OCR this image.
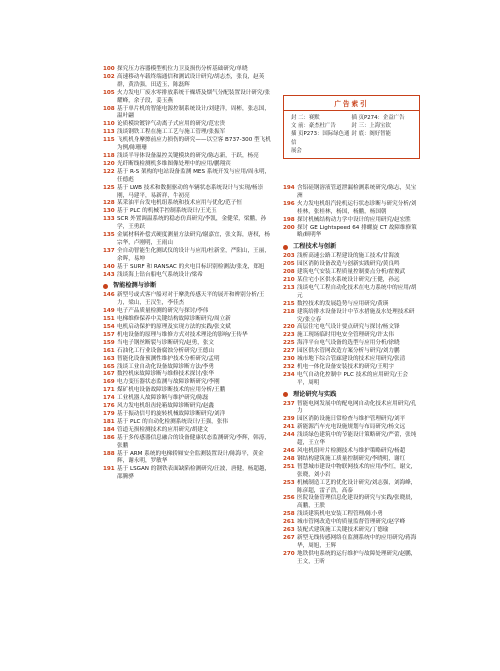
100 探究压力容器模型机位力卫及损伤分析基础研究/单晓
102 高速移动车载终端通信和测试设计研究/胡志杰，张良，赵英群，黄浩强，田适玉，陈磊辉
105 火力发电厂废水零排放系统干燥塔及烟气分配装置设计研究/张耀峰，余子段，姜玉燕
108 基于单片机的智能电源控制系统设计/刘建洋，周彬，张志国，温叶翩
110 论质模块镀锌气动离子式应用的研究/范宏贵
113 浅谈钢铁工程在施工工艺与施工管理/张振军
115 飞机机身摩擦前应力损伤的研究——以空客 B737-300 型飞机为例/陈珊珊
118 浅谈半导体设备温控关键模块的研究/陈志新，于跃，杨亮
120 光纤断线检测机多维图像处理中的应用/鹏翔宾
122 基于 R-S 架构的电站设备监测 MES 系统开发与应用/周永明，任德彪
125 基于 LWB 技术和数据驱动的车辆状态系统设计与实现/杨崇刚，马建平，易新祥，牛初亮
128 某采油平台发电机组系统和技术应用与优化/范子恒
130 基于 PLC 的机械手控制系统设计/王光玉
133 SCR 外置调温系统的稳态仿真研究/李凯，金健荣，梁鹏，孙学，王勇跃
135 金属材料补偿式硬度测量方法研究/谢嘉宜，张文海，唐权，杨宗华，卢刚明，王雨山
137 全自动智能生化测试仪的设计与应用/杜新堂，严阳山，王丽，余晖，易坤
140 基于 SURF 和 RANSAC 的火电目标识别检测法/张龙，郑旭
143 浅谈海上钻台船电气系统设计/梁希
智能检测与诊断
146 新型号或式客户船对对于摩洗传感天平的展开和辨别分析/王力，梁山，王汉生，李佳杰
149 电子产品质量检测的研究与探讨/李伟
151 电梯维修保养中关键结构故障诊断研究/周立新
154 电机启动保护的原理及实现方法的实践/张文斌
157 机电设备的原理与维修方式对技术理论的影响/王传华
159 当电子钢丝断裂与诊断研究/赵勇，张文
161 石油化工行业设备腐蚀分析研究/王德山
163 智能化设备预测性维护技术分析研究/孟明
165 浅谈工业自动化设备故障诊断方法/李勇
167 数控机床故障诊断与维修技术探讨/张华
169 电力变压器状态监测与故障诊断研究/李刚
171 煤矿机电设备故障诊断技术的应用分析/王鹏
174 工业机器人故障诊断与维护研究/陈磊
176 风力发电机组齿轮箱故障诊断研究/赵鑫
179 基于振动信号的旋转机械故障诊断研究/刘洋
181 基于 PLC 的自动化检测系统设计/王强，张伟
184 管道无损检测技术的应用研究/胡建文
186 基于多传感器信息融合的设备健康状态监测研究/李辉，韩涛，张鹏
188 基于 ARM 系统的电梯轿厢安全监测装置设计/陈海平，黄金辉，谢永明，罗敏华
191 基于 LSGAN 的钢铁表面缺陷检测研究/汪波，唐健，杨超越，邵腾骅
广告索引
封 二：赛默	插 页P274：企益广告
文 前：豪杰杜广告	封 三：上海宝钦
插 页P273：国际绿色通信
封 底：阁好智能
展会
194 含铝硅钢溶液管道泄漏检测系统研究/陈志，吴宝洲
196 火力发电机组汽轮机运行状态诊断与研究分析/刘桂林，张桂林，杨国，杨鹏，杨国朝
198 探讨机械结构动力学中设计的应用研究/赵宏胜
200 探讨 GE Lightspeed 64 排螺旋 CT 故障维修策略/顾明华
工程技术与创新
203 浅析高速公路工程建设的施工技术/甘海波
205 园区消防设备改造与创新实践研究/黄良鸣
208 建筑电气安装工程质量控制要点分析/翟俊武
210 某住宅小区供水系统设计研究/王健，孙远
213 浅谈电气工程自动化技术在电力系统中的应用/胡元
215 数控技术的发展趋势与应用研究/黄瑛
218 建筑给排水设备设计中节水措施及水处理技术研究/张立春
220 高层住宅电气设计要点研究与探讨/杨文锋
223 施工现场临时用电安全管理研究/许太伟
225 海洋平台电气设备的选型与应用分析/徐晓
227 园区供水管网改造方案分析与研究/刘力鹏
230 城市地下综合管廊建设的技术应用研究/张清
232 机电一体化设备安装技术的研究/王明宇
234 电气自动化控制中 PLC 技术的应用研究/王会平，周明
理论研究与实践
237 智能电网发展中的配电网自动化技术应用研究/孔力
239 园区消防设施日常检查与维护管理研究/刘平
241 新能源汽车充电设施规划与布局研究/杨文远
244 浅谈绿色建筑中的节能设计策略研究/严蕾，张纯超，王立华
246 风电机组叶片检测技术与维护策略研究/杨超
248 钢结构建筑施工质量控制研究/李晓明，谢红
251 智慧城市建设中物联网技术的应用/李红，谢文，张晓，刘小岩
253 机械制造工艺的优化设计研究/刘志强，刘海峰，陈彦超，雷子浩，高泰
256 医院设备管理信息化建设的研究与实践/张晓晨，高鹏，王朕
258 浅谈建筑机电安装工程管理/陈小勇
261 城市管网改造中的质量监督管理研究/赵学峰
263 装配式建筑施工关键技术研究/丁德瑜
267 新型无线传感网络在监测系统中的应用研究/蒋海华，周旭，王辉
270 地铁供电系统的运行维护与故障处理研究/赵鹏，王文，王昕
